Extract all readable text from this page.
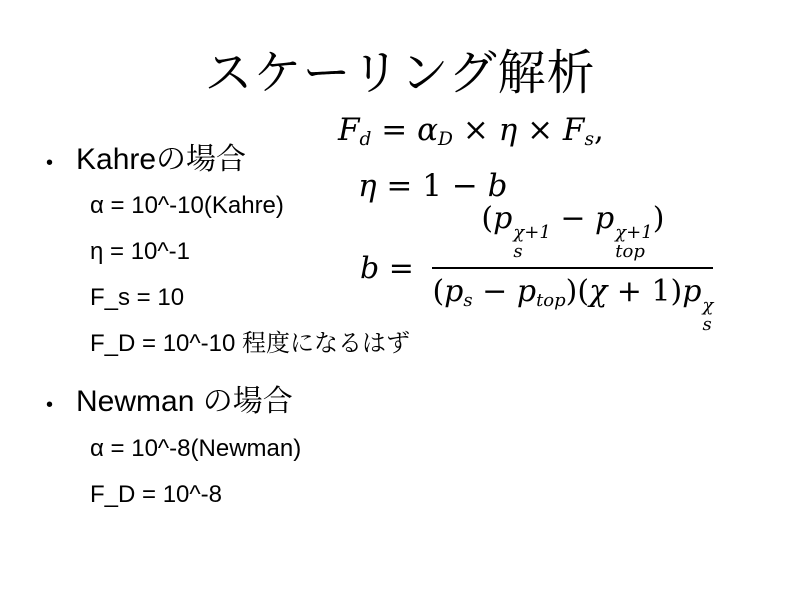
スケーリング解析
• Kahreの場合
α = 10^-10(Kahre)
η = 10^-1
F_s = 10
F_D = 10^-10 程度になるはず
• Newman の場合
α = 10^-8(Newman)
F_D = 10^-8
$F_d = \alpha_D \times \eta \times F_s$,
η = 1 − b
b = (p χ+1
s
− p χ+1
top
)
$(p_s - p_{top})(\chi + 1)p$ χ
s
